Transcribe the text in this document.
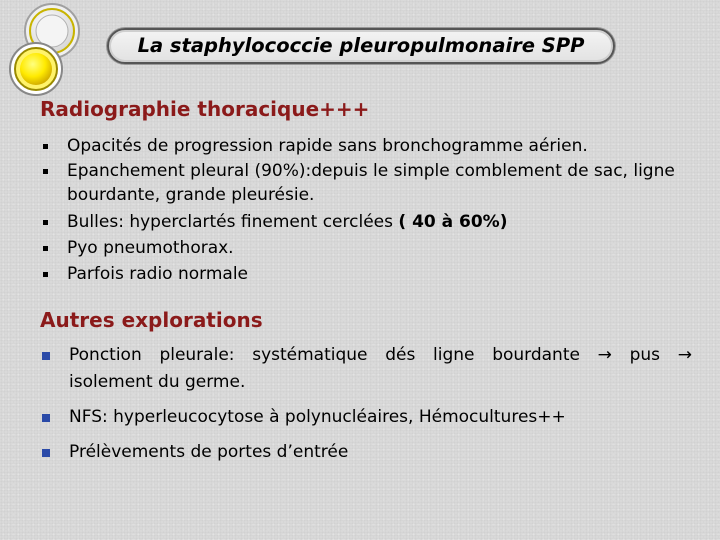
La staphylococcie pleuropulmonaire SPP
Radiographie thoracique+++
Opacités de progression rapide sans bronchogramme aérien.
Epanchement pleural (90%):depuis le simple comblement de sac, ligne bourdante, grande pleurésie.
Bulles: hyperclartés finement cerclées ( 40 à 60%)
Pyo pneumothorax.
Parfois radio normale
Autres explorations
Ponction pleurale: systématique dés ligne bourdante → pus →
isolement du germe.
NFS: hyperleucocytose à polynucléaires, Hémocultures++
Prélèvements de portes d’entrée
